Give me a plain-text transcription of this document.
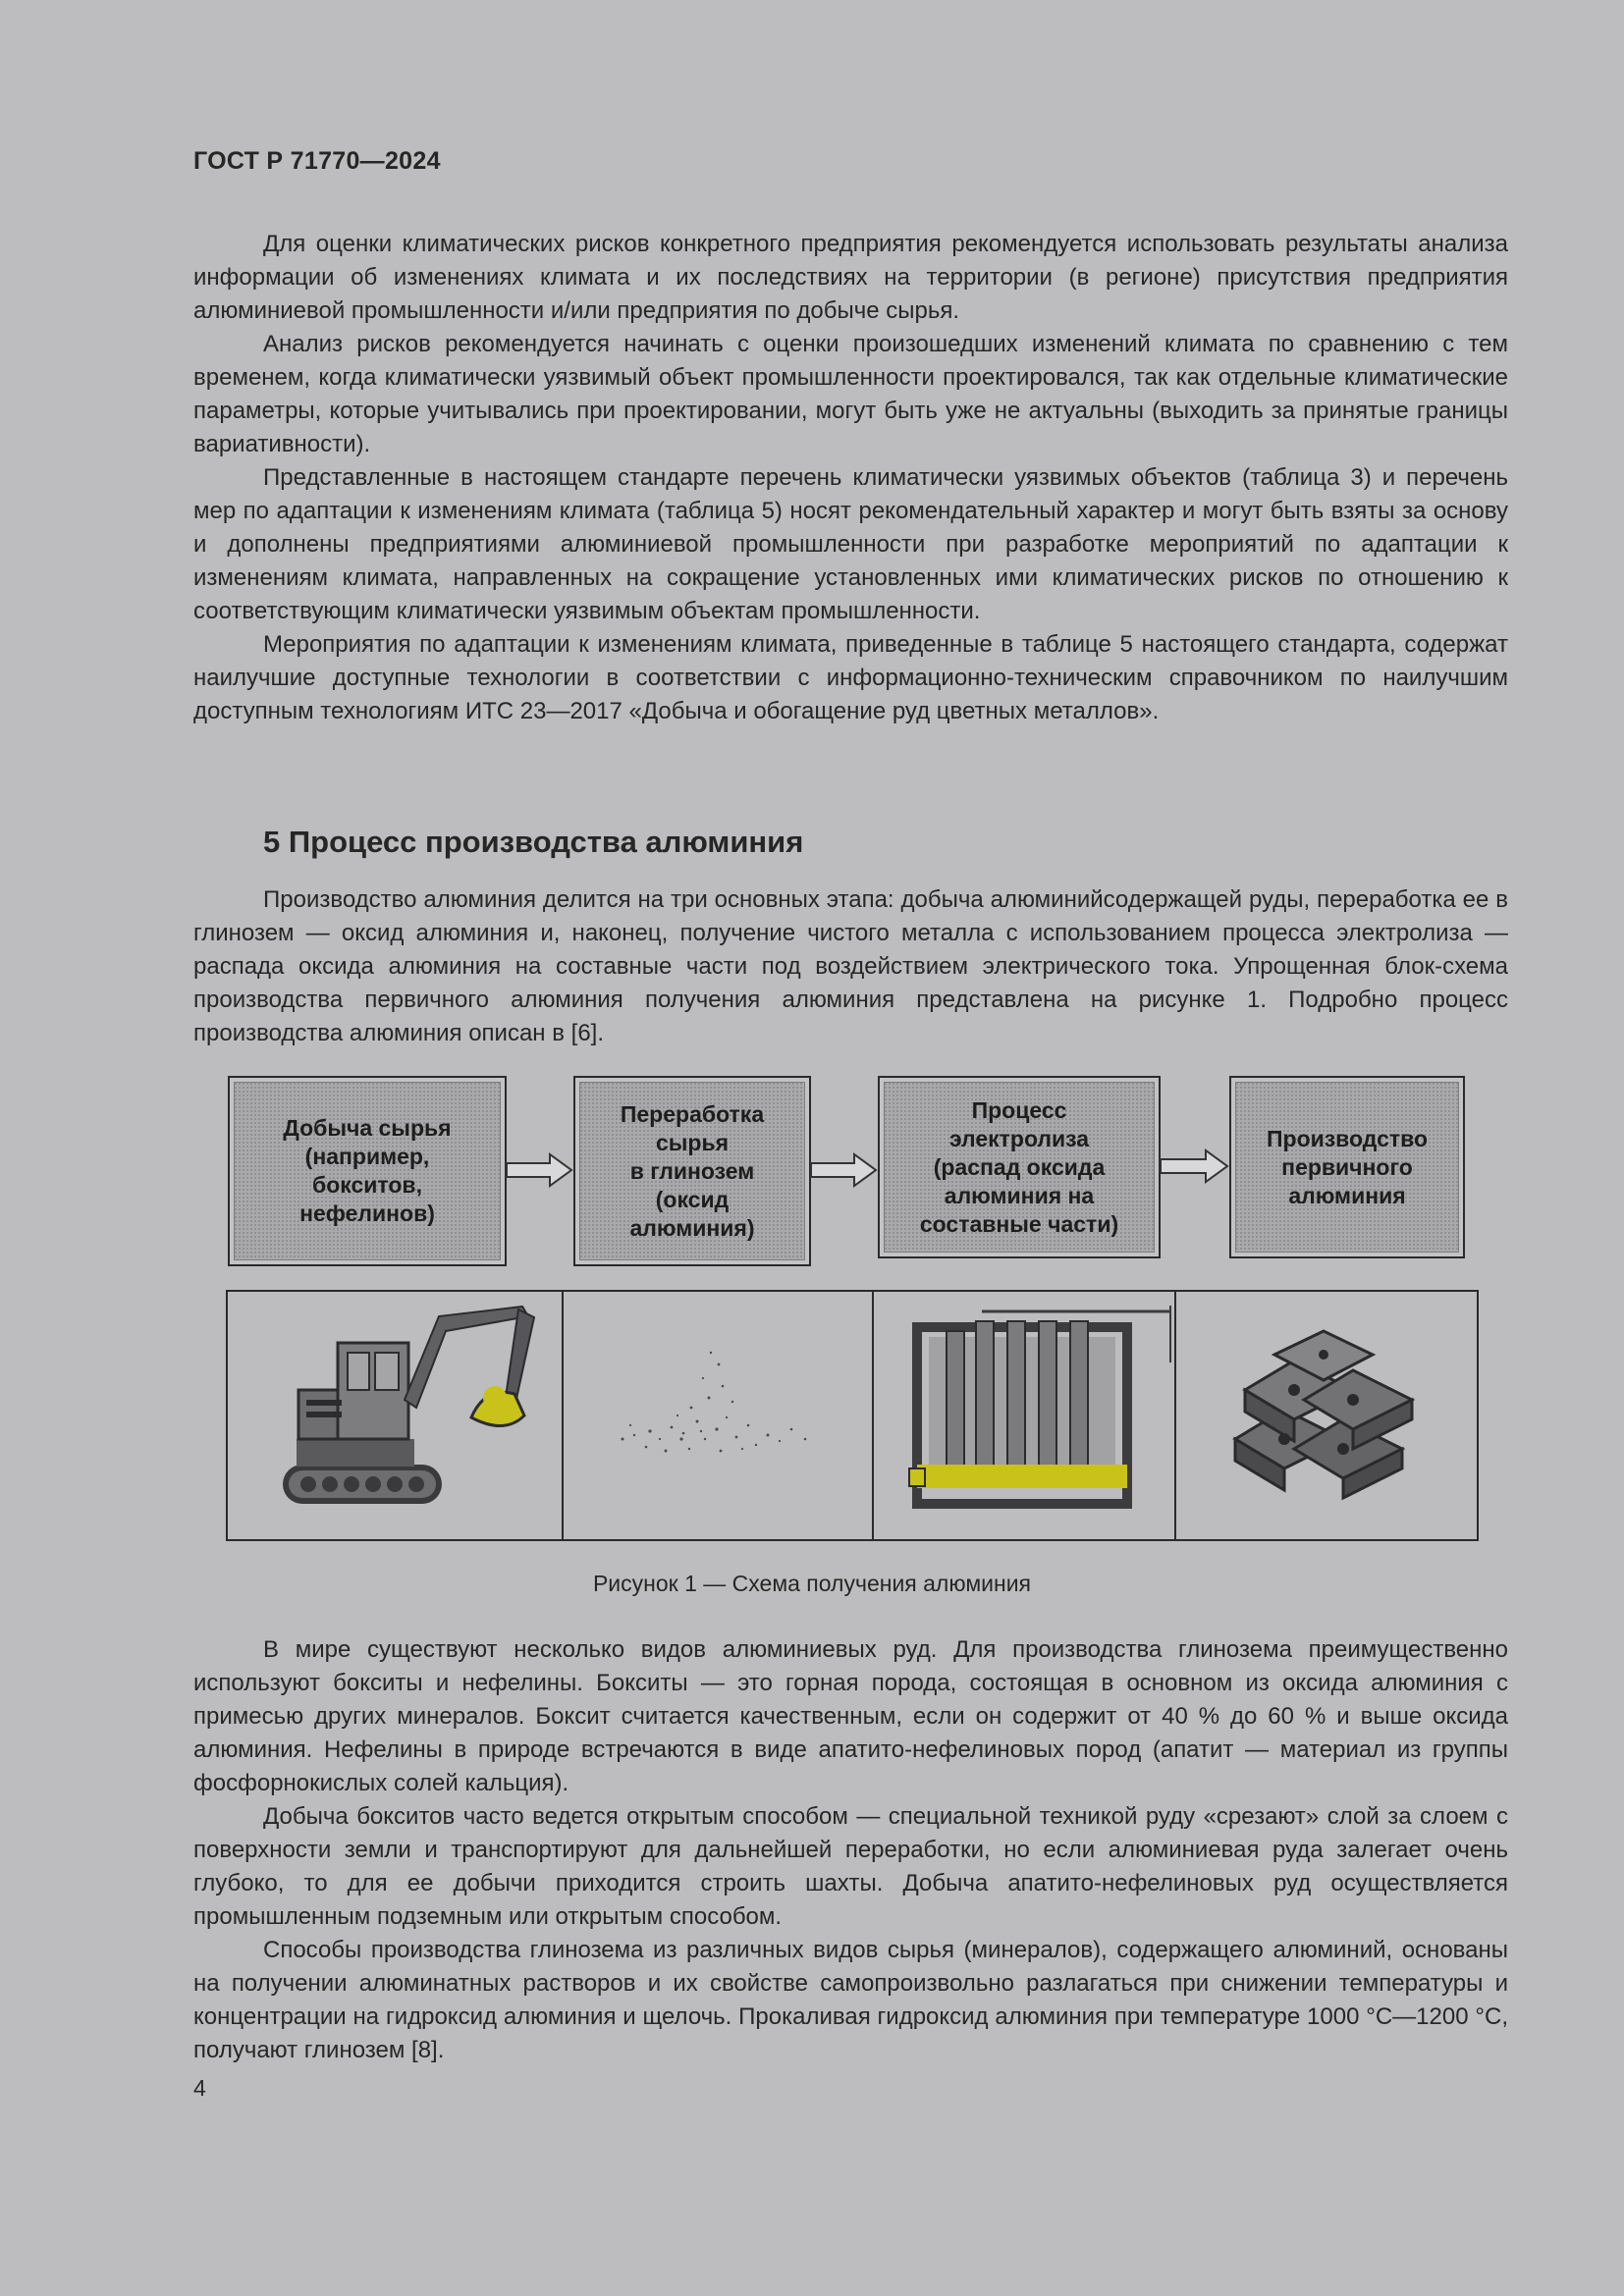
ГОСТ Р 71770—2024

Для оценки климатических рисков конкретного предприятия рекомендуется использовать результаты анализа информации об изменениях климата и их последствиях на территории (в регионе) присутствия предприятия алюминиевой промышленности и/или предприятия по добыче сырья.

Анализ рисков рекомендуется начинать с оценки произошедших изменений климата по сравнению с тем временем, когда климатически уязвимый объект промышленности проектировался, так как отдельные климатические параметры, которые учитывались при проектировании, могут быть уже не актуальны (выходить за принятые границы вариативности).

Представленные в настоящем стандарте перечень климатически уязвимых объектов (таблица 3) и перечень мер по адаптации к изменениям климата (таблица 5) носят рекомендательный характер и могут быть взяты за основу и дополнены предприятиями алюминиевой промышленности при разработке мероприятий по адаптации к изменениям климата, направленных на сокращение установленных ими климатических рисков по отношению к соответствующим климатически уязвимым объектам промышленности.

Мероприятия по адаптации к изменениям климата, приведенные в таблице 5 настоящего стандарта, содержат наилучшие доступные технологии в соответствии с информационно-техническим справочником по наилучшим доступным технологиям ИТС 23—2017 «Добыча и обогащение руд цветных металлов».

5 Процесс производства алюминия

Производство алюминия делится на три основных этапа: добыча алюминийсодержащей руды, переработка ее в глинозем — оксид алюминия и, наконец, получение чистого металла с использованием процесса электролиза — распада оксида алюминия на составные части под воздействием электрического тока. Упрощенная блок-схема производства первичного алюминия получения алюминия представлена на рисунке 1. Подробно процесс производства алюминия описан в [6].

Добыча сырья
(например,
бокситов,
нефелинов)
Переработка
сырья
в глинозем
(оксид
алюминия)
Процесс
электролиза
(распад оксида
алюминия на
составные части)
Производство
первичного
алюминия
Рисунок 1 — Схема получения алюминия

В мире существуют несколько видов алюминиевых руд. Для производства глинозема преимущественно используют бокситы и нефелины. Бокситы — это горная порода, состоящая в основном из оксида алюминия с примесью других минералов. Боксит считается качественным, если он содержит от 40 % до 60 % и выше оксида алюминия. Нефелины в природе встречаются в виде апатито-нефелиновых пород (апатит — материал из группы фосфорнокислых солей кальция).

Добыча бокситов часто ведется открытым способом — специальной техникой руду «срезают» слой за слоем с поверхности земли и транспортируют для дальнейшей переработки, но если алюминиевая руда залегает очень глубоко, то для ее добычи приходится строить шахты. Добыча апатито-нефелиновых руд осуществляется промышленным подземным или открытым способом.

Способы производства глинозема из различных видов сырья (минералов), содержащего алюминий, основаны на получении алюминатных растворов и их свойстве самопроизвольно разлагаться при снижении температуры и концентрации на гидроксид алюминия и щелочь. Прокаливая гидроксид алюминия при температуре 1000 °С—1200 °С, получают глинозем [8].

4
